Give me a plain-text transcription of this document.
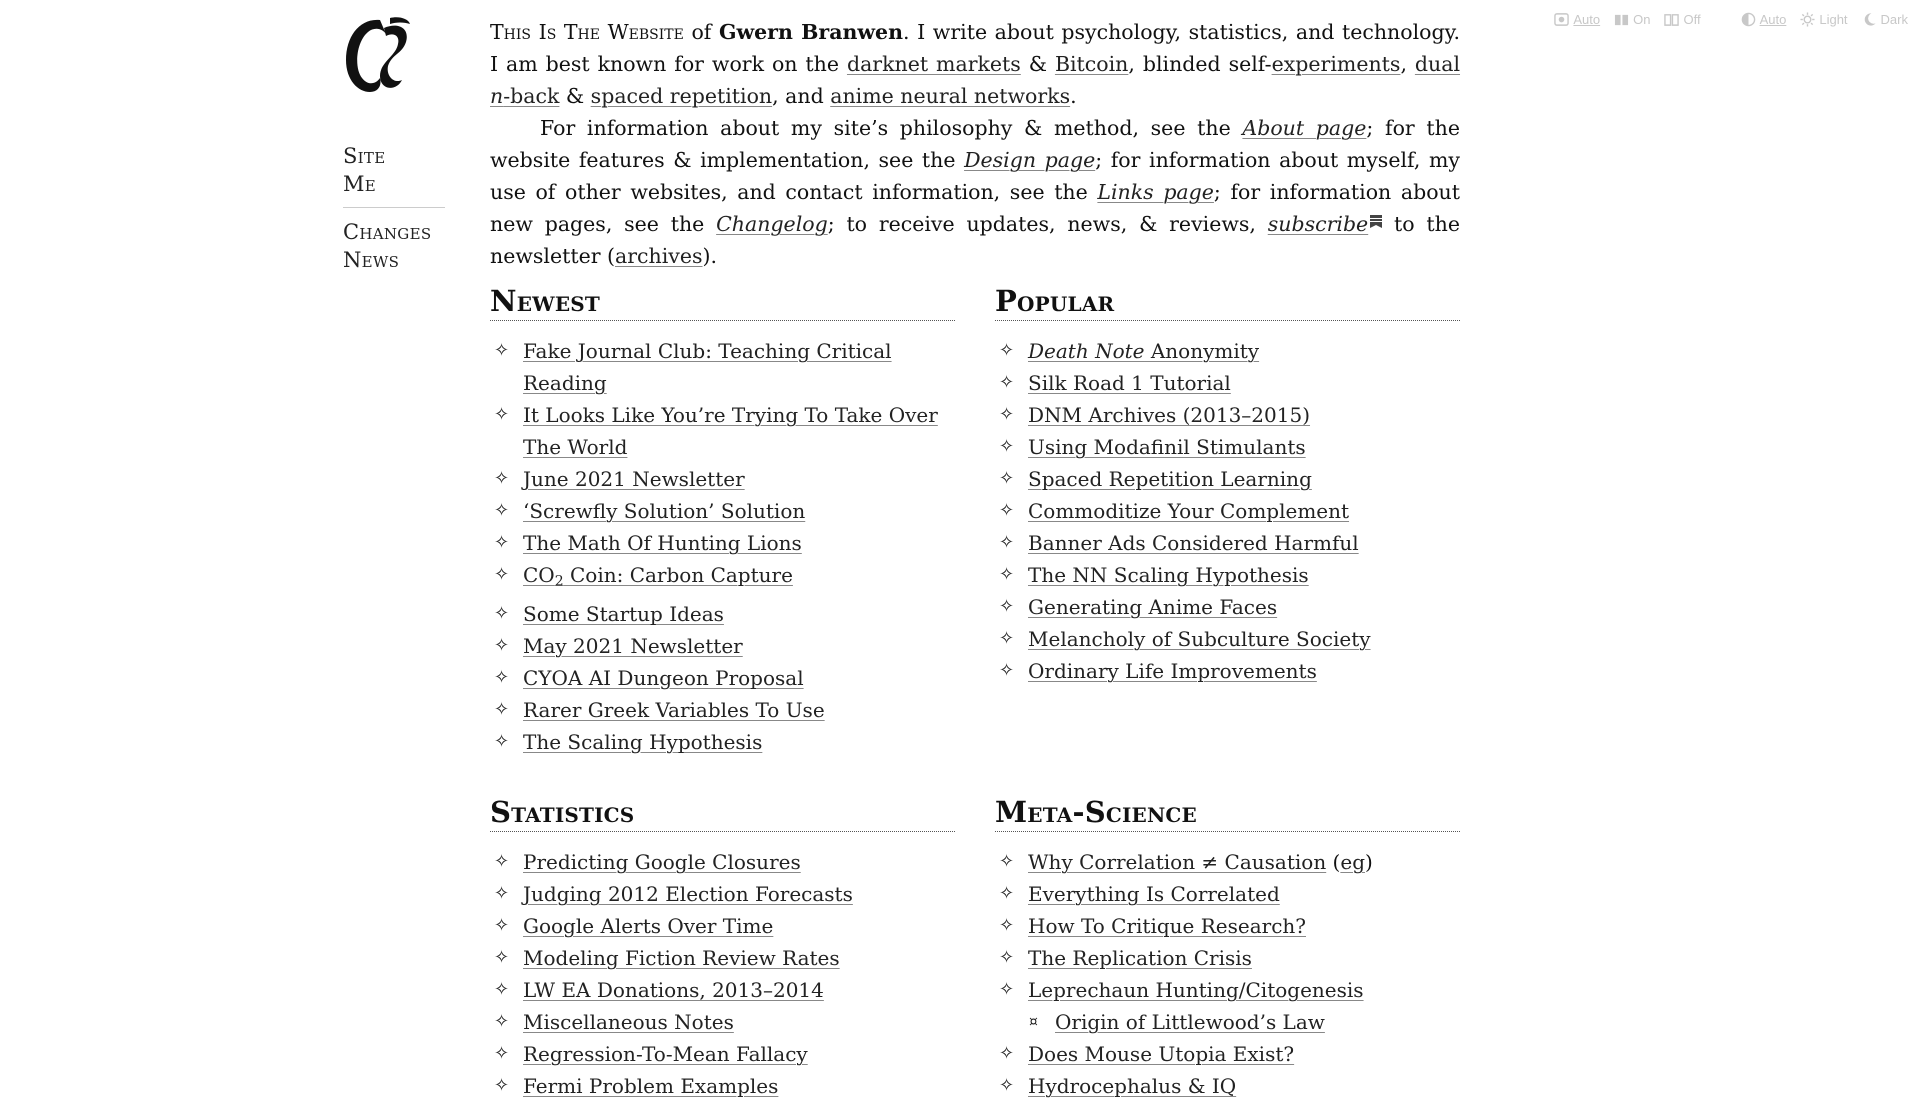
Auto	On	Off	Auto	Light	Dark
Site
Me
Changes
News

This Is The Website of Gwern Branwen. I write about psychology, statistics, and technology. I am best known for work on the darknet markets & Bitcoin, blinded self-experiments, dual n-back & spaced repetition, and anime neural networks.

For information about my site’s philosophy & method, see the About page; for the website features & implementation, see the Design page; for information about myself, my use of other websites, and contact information, see the Links page; for information about new pages, see the Changelog; to receive updates, news, & reviews, subscribe to the newsletter (archives).

Newest
✧ Fake Journal Club: Teaching Critical Reading
✧ It Looks Like You’re Trying To Take Over The World
✧ June 2021 Newsletter
✧ ‘Screwfly Solution’ Solution
✧ The Math Of Hunting Lions
✧ $CO_2$ Coin: Carbon Capture
✧ Some Startup Ideas
✧ May 2021 Newsletter
✧ CYOA AI Dungeon Proposal
✧ Rarer Greek Variables To Use
✧ The Scaling Hypothesis
Popular
✧ Death Note Anonymity
✧ Silk Road 1 Tutorial
✧ DNM Archives (2013–2015)
✧ Using Modafinil Stimulants
✧ Spaced Repetition Learning
✧ Commoditize Your Complement
✧ Banner Ads Considered Harmful
✧ The NN Scaling Hypothesis
✧ Generating Anime Faces
✧ Melancholy of Subculture Society
✧ Ordinary Life Improvements
Statistics
✧ Predicting Google Closures
✧ Judging 2012 Election Forecasts
✧ Google Alerts Over Time
✧ Modeling Fiction Review Rates
✧ LW EA Donations, 2013–2014
✧ Miscellaneous Notes
✧ Regression-To-Mean Fallacy
✧ Fermi Problem Examples
Meta-Science
✧ Why Correlation ≠ Causation (eg)
✧ Everything Is Correlated
✧ How To Critique Research?
✧ The Replication Crisis
✧ Leprechaun Hunting/Citogenesis
¤ Origin of Littlewood’s Law
✧ Does Mouse Utopia Exist?
✧ Hydrocephalus & IQ
